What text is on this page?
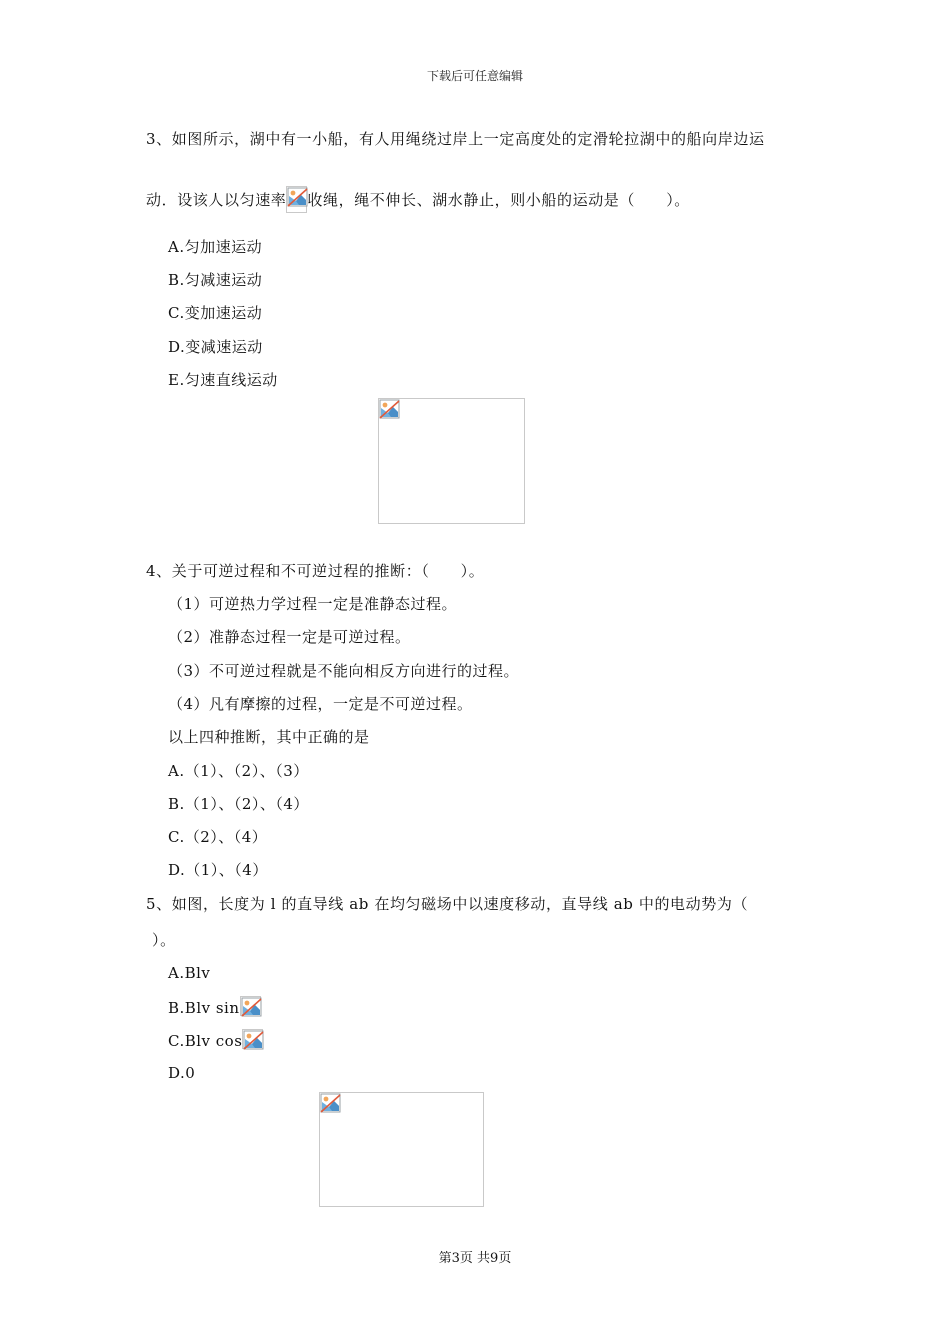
下载后可任意编辑
3、如图所示，湖中有一小船，有人用绳绕过岸上一定高度处的定滑轮拉湖中的船向岸边运
动．设该人以匀速率 收绳，绳不伸长、湖水静止，则小船的运动是（　　）。
A.匀加速运动
B.匀减速运动
C.变加速运动
D.变减速运动
E.匀速直线运动
4、关于可逆过程和不可逆过程的推断：（　　）。
（1）可逆热力学过程一定是准静态过程。
（2）准静态过程一定是可逆过程。
（3）不可逆过程就是不能向相反方向进行的过程。
（4）凡有摩擦的过程，一定是不可逆过程。
以上四种推断，其中正确的是
A.（1）、（2）、（3）
B.（1）、（2）、（4）
C.（2）、（4）
D.（1）、（4）
5、如图，长度为 l 的直导线 ab 在均匀磁场中以速度移动，直导线 ab 中的电动势为（
）。
A.Blv
B.Blv sin
C.Blv cos
D.0
第3页 共9页
